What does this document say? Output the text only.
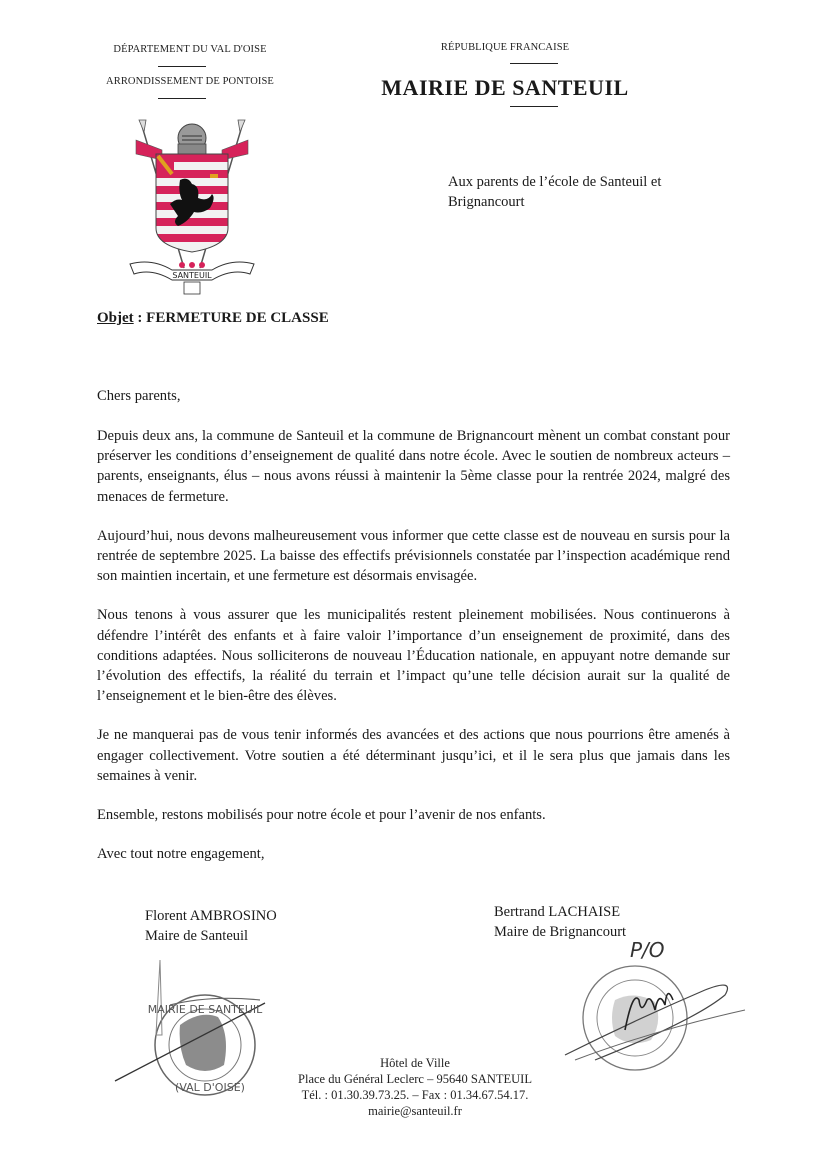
DÉPARTEMENT DU VAL D'OISE
ARRONDISSEMENT DE PONTOISE
RÉPUBLIQUE FRANCAISE
MAIRIE DE SANTEUIL
SANTEUIL
Aux parents de l’école de Santeuil et
Brignancourt
Objet : FERMETURE DE CLASSE
Chers parents,

Depuis deux ans, la commune de Santeuil et la commune de Brignancourt mènent un combat constant pour préserver les conditions d’enseignement de qualité dans notre école. Avec le soutien de nombreux acteurs – parents, enseignants, élus – nous avons réussi à maintenir la 5ème classe pour la rentrée 2024, malgré des menaces de fermeture.

Aujourd’hui, nous devons malheureusement vous informer que cette classe est de nouveau en sursis pour la rentrée de septembre 2025. La baisse des effectifs prévisionnels constatée par l’inspection académique rend son maintien incertain, et une fermeture est désormais envisagée.

Nous tenons à vous assurer que les municipalités restent pleinement mobilisées. Nous continuerons à défendre l’intérêt des enfants et à faire valoir l’importance d’un enseignement de proximité, dans des conditions adaptées. Nous solliciterons de nouveau l’Éducation nationale, en appuyant notre demande sur l’évolution des effectifs, la réalité du terrain et l’impact qu’une telle décision aurait sur la qualité de l’enseignement et le bien-être des élèves.

Je ne manquerai pas de vous tenir informés des avancées et des actions que nous pourrions être amenés à engager collectivement. Votre soutien a été déterminant jusqu’ici, et il le sera plus que jamais dans les semaines à venir.

Ensemble, restons mobilisés pour notre école et pour l’avenir de nos enfants.

Avec tout notre engagement,

Florent AMBROSINO
Maire de Santeuil
MAIRIE DE SANTEUIL
(VAL D'OISE)
Bertrand LACHAISE
Maire de Brignancourt
P/O
Hôtel de Ville
Place du Général Leclerc – 95640 SANTEUIL
Tél. : 01.30.39.73.25. – Fax : 01.34.67.54.17.
mairie@santeuil.fr
